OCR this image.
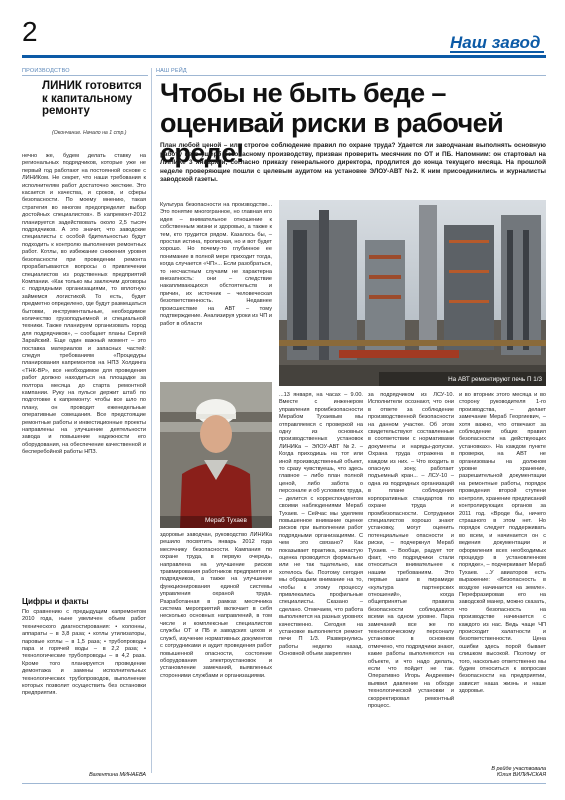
2	Наш завод
ПРОИЗВОДСТВО	НАШ РЕЙД
ЛИНИК готовится к капитальному ремонту
(Окончание. Начало на 1 стр.)
нечно же, будем делать ставку на региональных подрядчиков, которые уже не первый год работают на постоянной основе с ЛИНИКом. Не секрет, что наши требования к исполнителям работ достаточно жесткие. Это касается и качества, и сроков, и сферы безопасности. По моему мнению, такая стратегия во многом предопределит выбор достойных специалистов». В капремонт-2012 планируется задействовать около 2,5 тысяч подрядчиков. А это значит, что заводские специалисты с особой бдительностью будут подходить к контролю выполнения ремонтных работ. Котлы, во избежание снижения уровня безопасности при проведении ремонта прорабатываются вопросы о привлечении специалистов из родственных предприятий Компании. «Как только мы заключим договоры с подрядными организациями, то вплотную займемся логистикой. То есть, будет предметно определено, где будут размещаться бытовки, инструментальные, необходимое количество грузоподъемной и специальной техники. Также планируем организовать город для подрядчиков», – сообщает планы Сергей Зарайский. Еще один важный момент – это поставка материалов и запасных частей: следуя требованиям «Процедуры планирования капремонтов на НПЗ Холдинга «ТНК-ВР», все необходимое для проведения работ должно находиться на площадке за полтора месяца до старта ремонтной кампании. Руку на пульсе держит штаб по подготовке к капремонту: чтобы все шло по плану, он проводит еженедельные оперативные совещания. Все предстоящие ремонтные работы и инвестиционные проекты направлены на улучшение деятельности завода и повышение надежности его оборудования, на обеспечение качественной и бесперебойной работы НПЗ.
Цифры и факты
По сравнению с предыдущим капремонтом 2010 года, ныне увеличен объем работ технического диагностирования: • колонны, аппараты – в 3,8 раза; • котлы утилизаторы, паровые котлы – в 1,5 раза; • трубопроводы пара и горячей воды – в 2,2 раза; • технологические трубопроводы – в 4,2 раза. Кроме того планируется проведение демонтажа и замены исполнительных технологических трубопроводов, выполнение которых позволит осуществить без остановки предприятия.
Валентина МИНАЕВА
Чтобы не быть беде – оценивай риски в рабочей среде!
План любой ценой – или строгое соблюдение правил по охране труда? Удается ли заводчанам выполнять основную работу не в ущерб безопасному производству, призван проверить месячник по ОТ и ПБ. Напомним: он стартовал на ЛИНИКе 3 января и, согласно приказу генерального директора, продлится до конца текущего месяца. На прошлой неделе проверяющие пошли с целевым аудитом на установке ЭЛОУ-АВТ №2. К ним присоединились и журналисты заводской газеты.
Культура безопасности на производстве... Это понятие многогранное, но главная его идея – внимательное отношение к собственным жизни и здоровью, а также к тем, кто трудится рядом. Казалось бы, – простая истина, прописная, но и вот будет хорошо. Но почему-то глубинное ее понимание в полной мере приходит тогда, когда случается «ЧП»... Если разобраться, то несчастным случаям не характерна внезапность: они – следствие накапливающихся обстоятельств и причин, их источник – человеческая безответственность. Недавнее происшествие на АВТ – тому подтверждение. Анализируя уроки из ЧП и работ в области
На АВТ ремонтируют печь П 1/3
Мераб Тухаев
здоровье заводчан, руководство ЛИНИКа решило посвятить январь 2012 года месячнику безопасности. Кампания по охране труда, в первую очередь, направлена на улучшение рисков травмирования работников предприятия и подрядчиков, а также на улучшение функционирования единой системы управления охраной труда. Разработанная в рамках месячника система мероприятий включает в себя несколько основных направлений, в том числе и комплексные специалистов службы ОТ и ПБ и заводских цехов и служб, изучение нормативных документов с сотрудниками и аудит проведения работ повышенной опасности, состояние оборудования электроустановок и установление замечаний, выявленных сторонними службами и организациями.
...13 января, на часах – 9.00. Вместе с инженером управления промбезопасности Мерабом Тухаевым мы отправляемся с проверкой на одну из основных производственных установок ЛИНИКа – ЭЛОУ-АВТ №2. – Когда приходишь на тот или иной производственный объект, то сразу чувствуешь, что здесь главное – либо план полной ценой, либо забота о персонале и об условиях труда, – делится с корреспондентом своими наблюдениями Мераб Тухаев. – Сейчас мы уделяем повышенное внимание оценке рисков при выполнении работ подрядными организациями. С чем это связано? Как показывает практика, зачастую оценка проводится формально или не так тщательно, как хотелось бы. Поэтому сегодня мы обращаем внимание на то, чтобы к этому процессу привлекались профильные специалисты. Сказано – сделано. Отмечаем, что работа выполняется на разных уровнях качественно. Сегодня на установке выполняется ремонт печи П 1/3. Развернулись работы неделю назад. Основной объем закреплен
за подрядчиком из ЛСУ-10. Исполнители осознают, что они в ответе за соблюдение производственной безопасности на данном участке. Об этом свидетельствуют составленные в соответствии с нормативами документы и наряды-допуски. Охрана труда отражена в каждом из них. – Что входить в опасную зону, работает подъемный кран... – ЛСУ-10 – одна из подрядных организаций в плане соблюдения корпоративных стандартов по охране труда и промбезопасности. Сотрудники специалистов хорошо знают установку, могут оценить потенциальные опасности и риски, – подчеркнул Мераб Тухаев. – Вообще, радует тот факт, что подрядчики стали относиться внимательнее к нашим требованиям. Это первые шаги в пирамиде «культура партнерских отношений», когда общепринятые правила безопасности соблюдаются всеми на одном уровне. Пара замечаний все же по технологическому персоналу установки: в основном отмечено, что подрядчики знают, какие работы выполняются на объекте, и что надо делать, если что пойдет не так. Оперативно Игорь Андреевич выявил давление на обходе технологической установки и скорректировал ремонтный процесс.
и во вторник этого месяца и во сторону руководителя 1-го производства, – делает замечание Мераб Георгиевич, – хотя важно, что отвечают за соблюдение общих правил безопасности на действующих установках». На каждом пункте проверки, на АВТ не организованы на должном уровне хранение, разрешительной документации на ремонтные работы, порядок проведения второй ступени контроля, хранение предписаний контролирующих органов за 2011 год. «Вроде бы, ничего страшного в этом нет. Но порядок следует поддерживать во всем, и начинается он с ведения документации и оформления всех необходимых процедур в установленном порядке», – подчеркивает Мераб Тухаев. ...У авиаторов есть выражение: «Безопасность в воздухе начинается на земле». Перефразировав его на заводской манер, можно сказать, что безопасность на производстве начинается с каждого из нас. Ведь чаще ЧП происходит халатности и безответственности. Цена ошибки здесь порой бывает слишком высокой. Поэтому от того, насколько ответственно мы будем относиться к вопросам безопасности на предприятии, зависит наша жизнь и наше здоровье.
В рейде участвовала
Юлия ВИЛИНСКАЯ
